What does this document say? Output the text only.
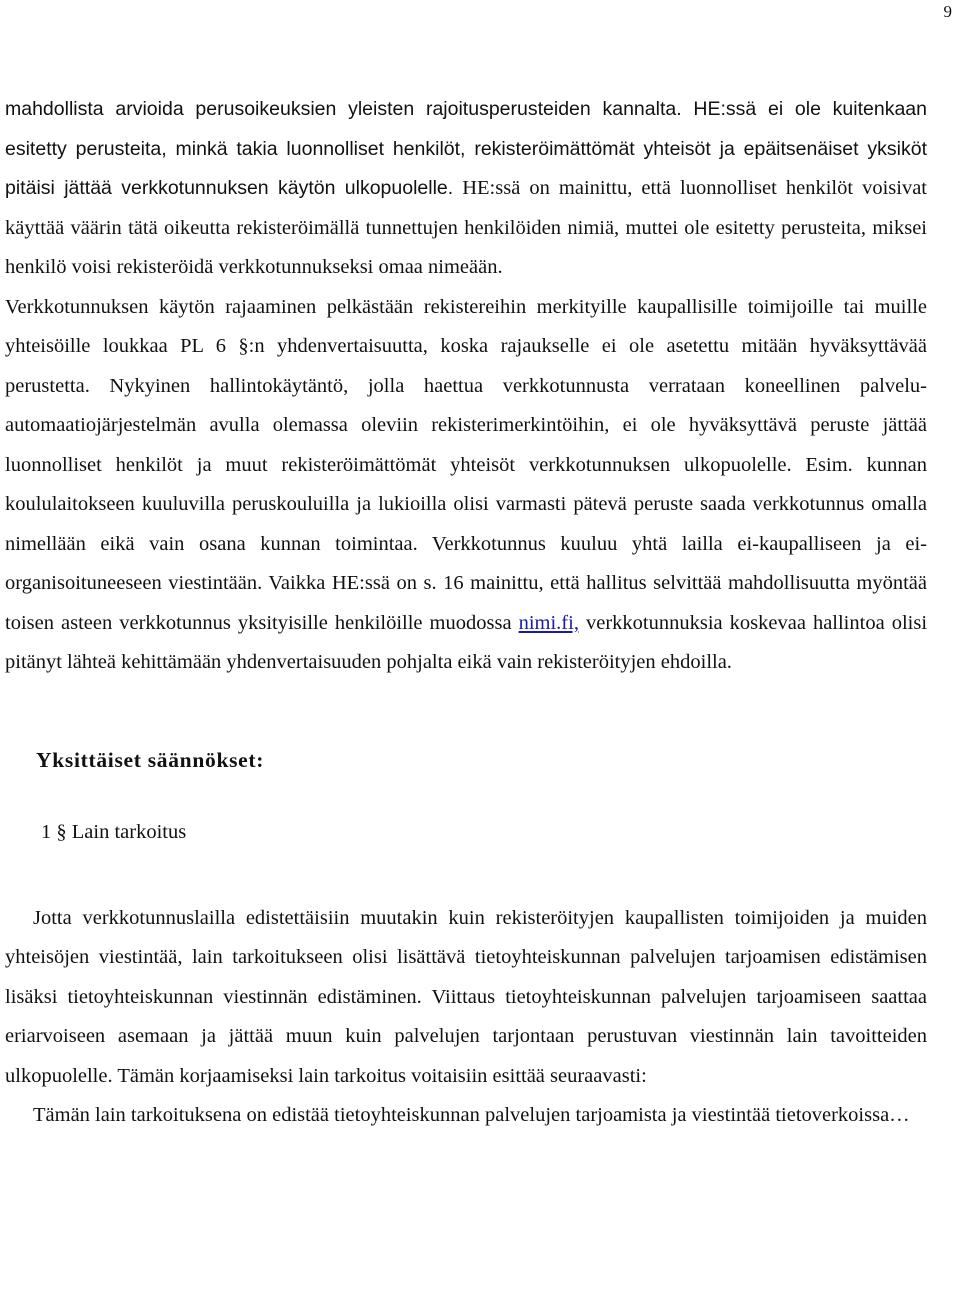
9

mahdollista arvioida perusoikeuksien yleisten rajoitusperusteiden kannalta. HE:ssä ei ole kuitenkaan esitetty perusteita, minkä takia luonnolliset henkilöt, rekisteröimättömät yhteisöt ja epäitsenäiset yksiköt pitäisi jättää verkkotunnuksen käytön ulkopuolelle. HE:ssä on mainittu, että luonnolliset henkilöt voisivat käyttää väärin tätä oikeutta rekisteröimällä tunnettujen henkilöiden nimiä, muttei ole esitetty perusteita, miksei henkilö voisi rekisteröidä verkkotunnukseksi omaa nimeään.

Verkkotunnuksen käytön rajaaminen pelkästään rekistereihin merkityille kaupallisille toimijoille tai muille yhteisöille loukkaa PL 6 §:n yhdenvertaisuutta, koska rajaukselle ei ole asetettu mitään hyväksyttävää perustetta. Nykyinen hallintokäytäntö, jolla haettua verkkotunnusta verrataan koneellinen palvelu-automaatiojärjestelmän avulla olemassa oleviin rekisterimerkintöihin, ei ole hyväksyttävä peruste jättää luonnolliset henkilöt ja muut rekisteröimättömät yhteisöt verkkotunnuksen ulkopuolelle. Esim. kunnan koululaitokseen kuuluvilla peruskouluilla ja lukioilla olisi varmasti pätevä peruste saada verkkotunnus omalla nimellään eikä vain osana kunnan toimintaa. Verkkotunnus kuuluu yhtä lailla ei-kaupalliseen ja ei-organisoituneeseen viestintään. Vaikka HE:ssä on s. 16 mainittu, että hallitus selvittää mahdollisuutta myöntää toisen asteen verkkotunnus yksityisille henkilöille muodossa nimi.fi, verkkotunnuksia koskevaa hallintoa olisi pitänyt lähteä kehittämään yhdenvertaisuuden pohjalta eikä vain rekisteröityjen ehdoilla.

Yksittäiset säännökset:
1 § Lain tarkoitus

Jotta verkkotunnuslailla edistettäisiin muutakin kuin rekisteröityjen kaupallisten toimijoiden ja muiden yhteisöjen viestintää, lain tarkoitukseen olisi lisättävä tietoyhteiskunnan palvelujen tarjoamisen edistämisen lisäksi tietoyhteiskunnan viestinnän edistäminen. Viittaus tietoyhteiskunnan palvelujen tarjoamiseen saattaa eriarvoiseen asemaan ja jättää muun kuin palvelujen tarjontaan perustuvan viestinnän lain tavoitteiden ulkopuolelle. Tämän korjaamiseksi lain tarkoitus voitaisiin esittää seuraavasti:

Tämän lain tarkoituksena on edistää tietoyhteiskunnan palvelujen tarjoamista ja viestintää tietoverkoissa…
